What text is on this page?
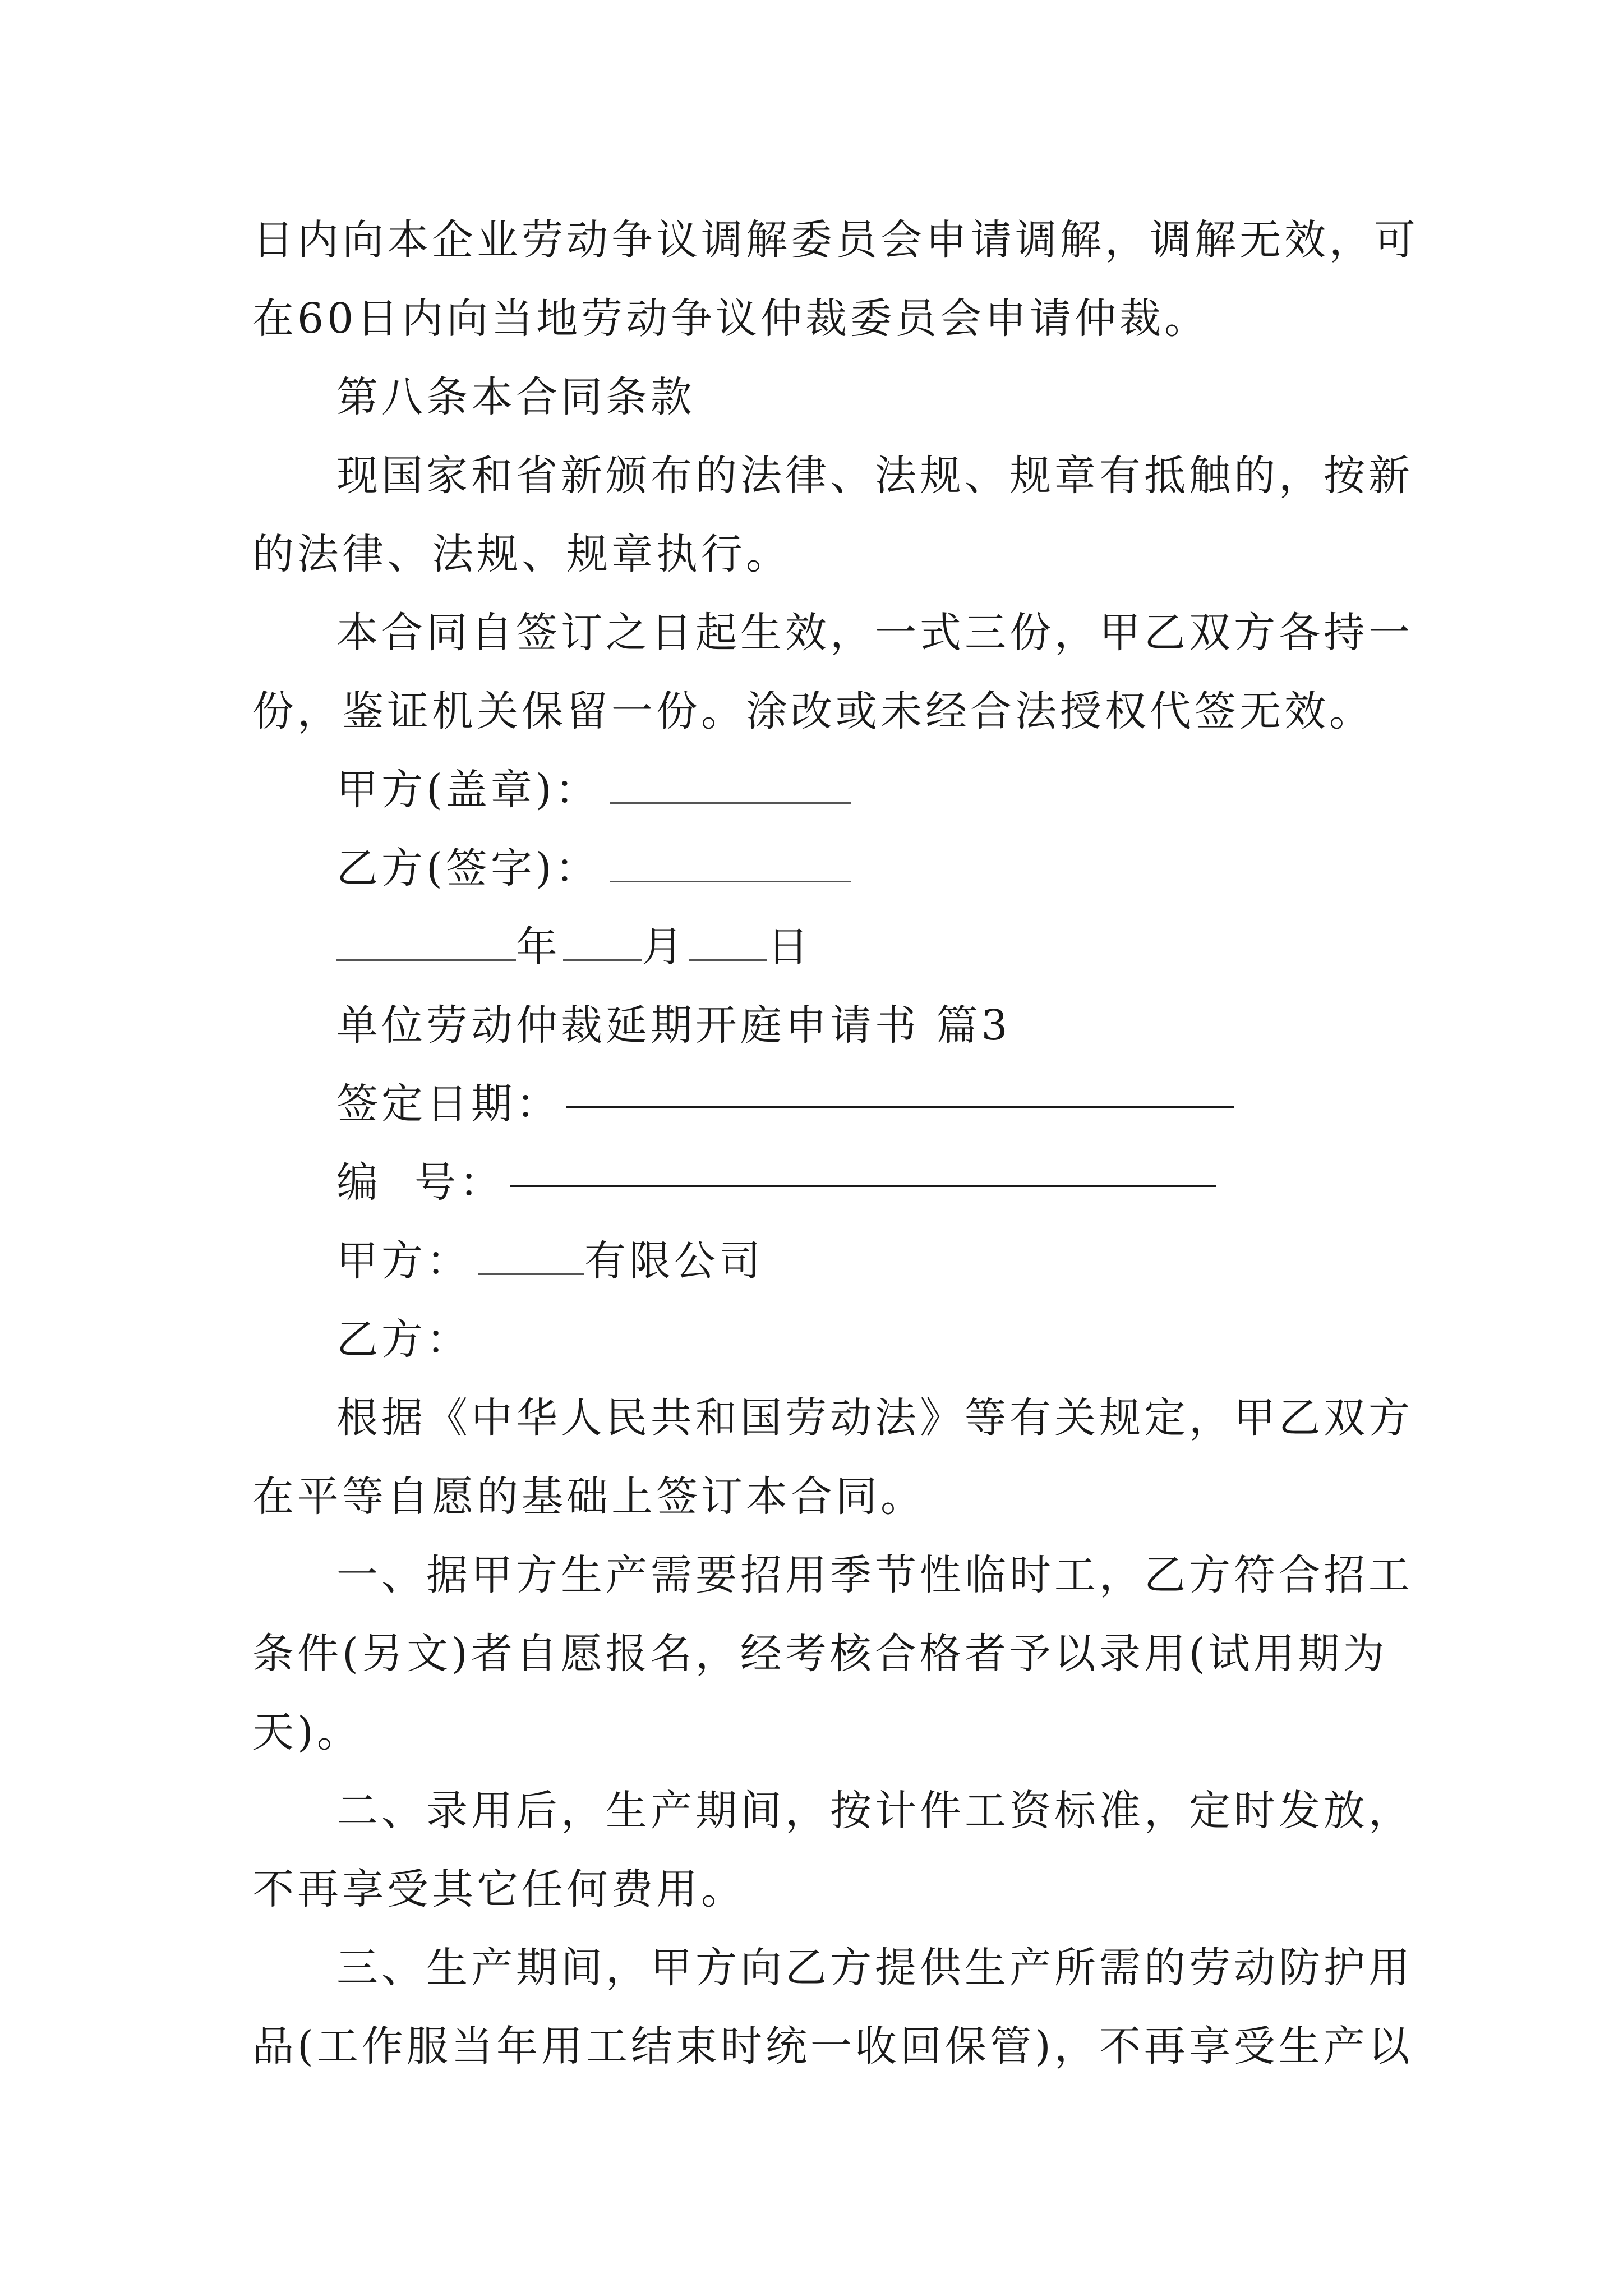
日内向本企业劳动争议调解委员会申请调解，调解无效，可
在60日内向当地劳动争议仲裁委员会申请仲裁。
第八条本合同条款
现国家和省新颁布的法律、法规、规章有抵触的，按新
的法律、法规、规章执行。
本合同自签订之日起生效，一式三份，甲乙双方各持一
份，鉴证机关保留一份。涂改或未经合法授权代签无效。
甲方(盖章)：
乙方(签字)：
年 月 日
单位劳动仲裁延期开庭申请书 篇3
签定日期：
编  号：
甲方：	有限公司
乙方：
根据《中华人民共和国劳动法》等有关规定，甲乙双方
在平等自愿的基础上签订本合同。
一、据甲方生产需要招用季节性临时工，乙方符合招工
条件(另文)者自愿报名，经考核合格者予以录用(试用期为
天)。
二、录用后，生产期间，按计件工资标准，定时发放，
不再享受其它任何费用。
三、生产期间，甲方向乙方提供生产所需的劳动防护用
品(工作服当年用工结束时统一收回保管)，不再享受生产以
